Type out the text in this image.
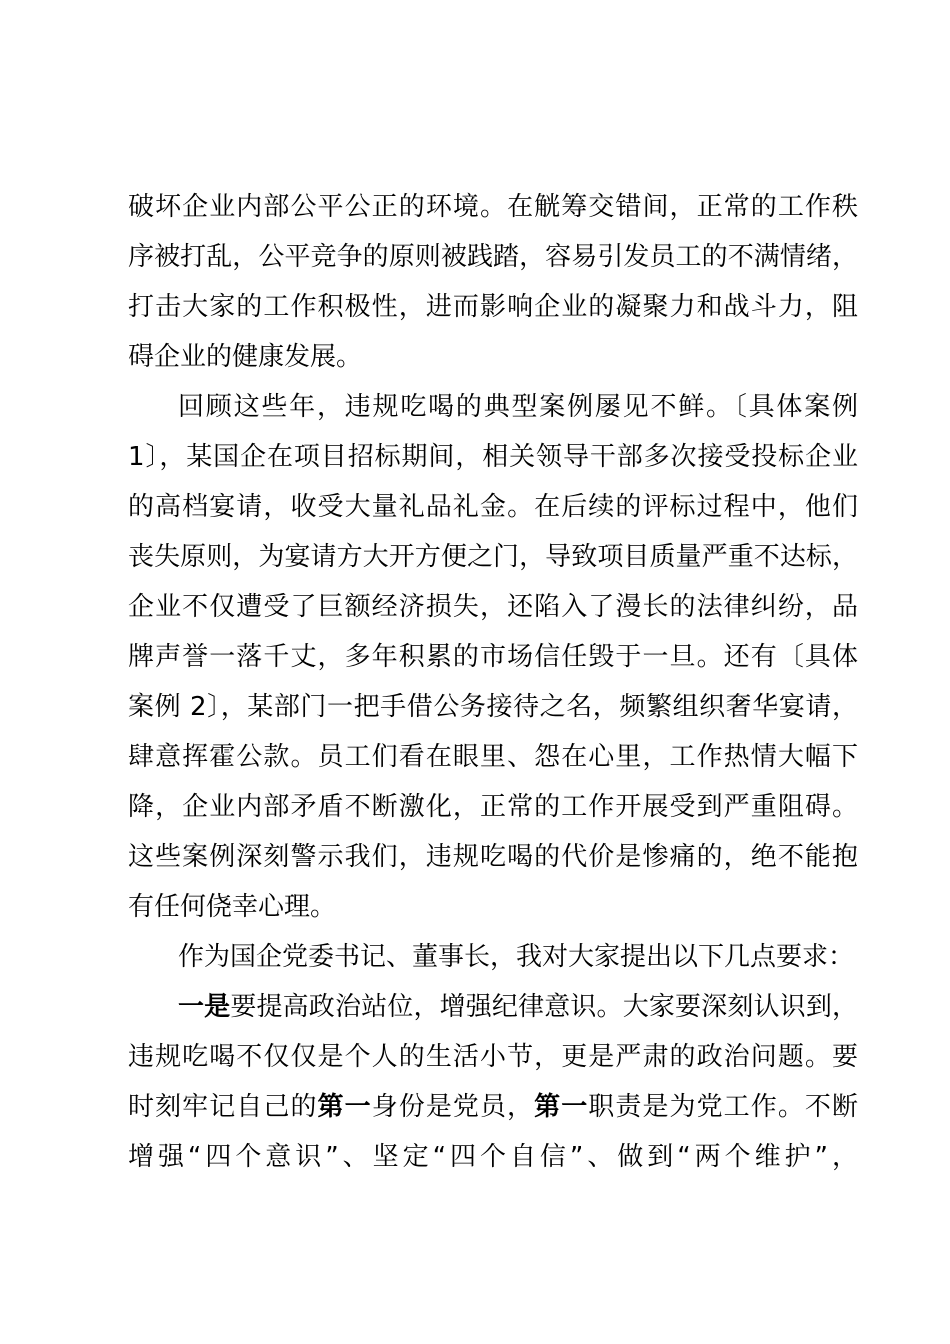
破坏企业内部公平公正的环境。在觥筹交错间，正常的工作秩
序被打乱，公平竞争的原则被践踏，容易引发员工的不满情绪，
打击大家的工作积极性，进而影响企业的凝聚力和战斗力，阻
碍企业的健康发展。
回顾这些年，违规吃喝的典型案例屡见不鲜。〔具体案例
1〕，某国企在项目招标期间，相关领导干部多次接受投标企业
的高档宴请，收受大量礼品礼金。在后续的评标过程中，他们
丧失原则，为宴请方大开方便之门，导致项目质量严重不达标，
企业不仅遭受了巨额经济损失，还陷入了漫长的法律纠纷，品
牌声誉一落千丈，多年积累的市场信任毁于一旦。还有〔具体
案例 2〕，某部门一把手借公务接待之名，频繁组织奢华宴请，
肆意挥霍公款。员工们看在眼里、怨在心里，工作热情大幅下
降，企业内部矛盾不断激化，正常的工作开展受到严重阻碍。
这些案例深刻警示我们，违规吃喝的代价是惨痛的，绝不能抱
有任何侥幸心理。
作为国企党委书记、董事长，我对大家提出以下几点要求：
一是要提高政治站位，增强纪律意识。大家要深刻认识到，
违规吃喝不仅仅是个人的生活小节，更是严肃的政治问题。要
时刻牢记自己的第一身份是党员，第一职责是为党工作。不断
增强“四个意识”、坚定“四个自信”、做到“两个维护”，
